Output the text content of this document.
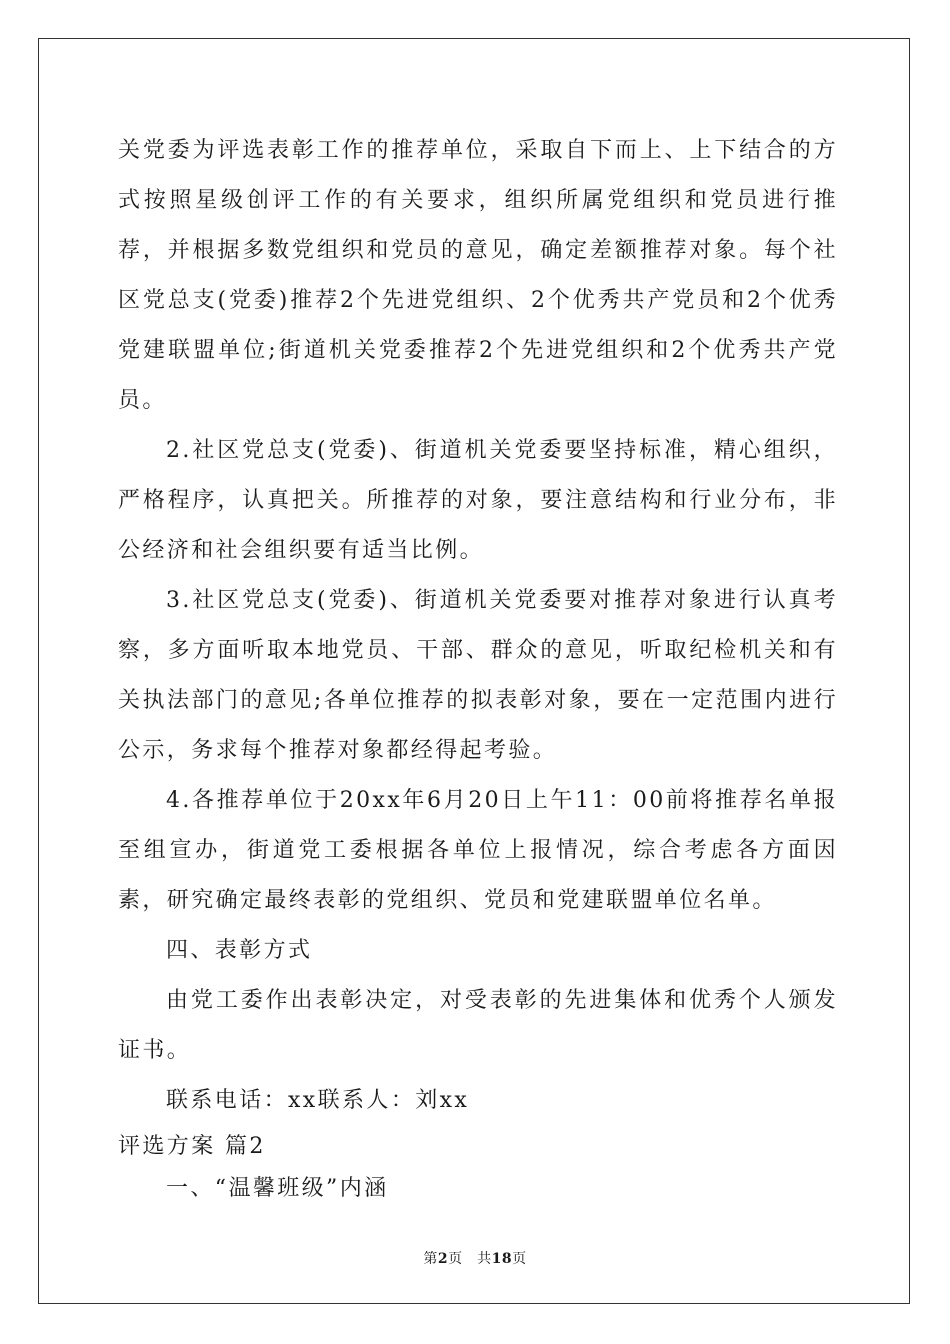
关党委为评选表彰工作的推荐单位，采取自下而上、上下结合的方式按照星级创评工作的有关要求，组织所属党组织和党员进行推荐，并根据多数党组织和党员的意见，确定差额推荐对象。每个社区党总支(党委)推荐2个先进党组织、2个优秀共产党员和2个优秀党建联盟单位;街道机关党委推荐2个先进党组织和2个优秀共产党员。

2.社区党总支(党委)、街道机关党委要坚持标准，精心组织，严格程序，认真把关。所推荐的对象，要注意结构和行业分布，非公经济和社会组织要有适当比例。

3.社区党总支(党委)、街道机关党委要对推荐对象进行认真考察，多方面听取本地党员、干部、群众的意见，听取纪检机关和有关执法部门的意见;各单位推荐的拟表彰对象，要在一定范围内进行公示，务求每个推荐对象都经得起考验。

4.各推荐单位于20xx年6月20日上午11：00前将推荐名单报至组宣办，街道党工委根据各单位上报情况，综合考虑各方面因素，研究确定最终表彰的党组织、党员和党建联盟单位名单。

四、表彰方式

由党工委作出表彰决定，对受表彰的先进集体和优秀个人颁发证书。

联系电话：xx联系人：刘xx

评选方案 篇2

一、“温馨班级”内涵

第2页　共18页
